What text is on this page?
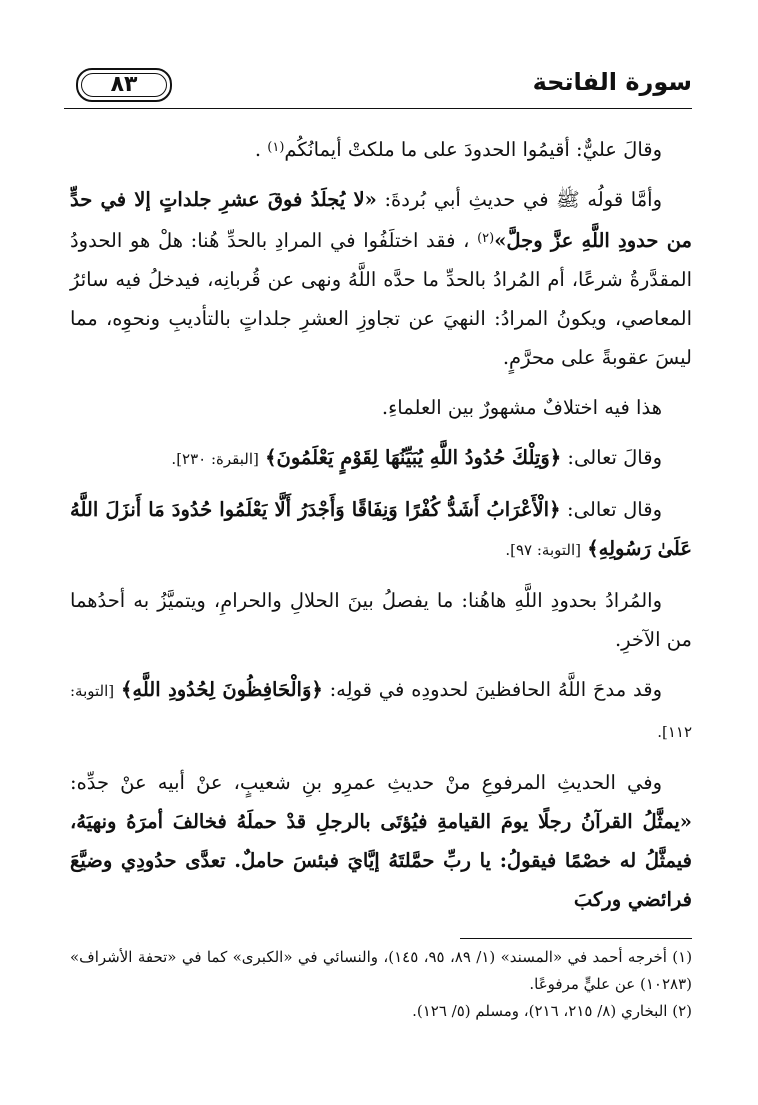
سورة الفاتحة
٨٣

وقالَ عليٌّ: أقيمُوا الحدودَ على ما ملكتْ أيمانُكُم$^{(١)}$ .

وأمَّا قولُه ﷺ في حديثِ أبي بُردةَ: «لا يُجلَدُ فوقَ عشرِ جلداتٍ إلا في حدٍّ من حدودِ اللَّهِ عزَّ وجلَّ»$^{(٢)}$ ، فقد اختلَفُوا في المرادِ بالحدِّ هُنا: هلْ هو الحدودُ المقدَّرةُ شرعًا، أم المُرادُ بالحدِّ ما حدَّه اللَّهُ ونهى عن قُربانِه، فيدخلُ فيه سائرُ المعاصي، ويكونُ المرادُ: النهيَ عن تجاوزِ العشرِ جلداتٍ بالتأديبِ ونحوِه، مما ليسَ عقوبةً على محرَّمٍ.

هذا فيه اختلافٌ مشهورٌ بين العلماءِ.

وقالَ تعالى: ﴿وَتِلْكَ حُدُودُ اللَّهِ يُبَيِّنُهَا لِقَوْمٍ يَعْلَمُونَ﴾ [البقرة: ٢٣٠].

وقال تعالى: ﴿الْأَعْرَابُ أَشَدُّ كُفْرًا وَنِفَاقًا وَأَجْدَرُ أَلَّا يَعْلَمُوا حُدُودَ مَا أَنزَلَ اللَّهُ عَلَىٰ رَسُولِهِ﴾ [التوبة: ٩٧].

والمُرادُ بحدودِ اللَّهِ هاهُنا: ما يفصلُ بينَ الحلالِ والحرامِ، ويتميَّزُ به أحدُهما من الآخرِ.

وقد مدحَ اللَّهُ الحافظينَ لحدودِه في قولِه: ﴿وَالْحَافِظُونَ لِحُدُودِ اللَّهِ﴾ [التوبة: ١١٢].

وفي الحديثِ المرفوعِ منْ حديثِ عمرِو بنِ شعيبٍ، عنْ أبيه عنْ جدِّه: «يمثَّلُ القرآنُ رجلًا يومَ القيامةِ فيُؤتَى بالرجلِ قدْ حملَهُ فخالفَ أمرَهُ ونهيَهُ، فيمثَّلُ له خصْمًا فيقولُ: يا ربِّ حمَّلتَهُ إيَّايَ فبئسَ حاملٌ. تعدَّى حدُودِي وضيَّعَ فرائضي وركبَ

(١) أخرجه أحمد في «المسند» (١/ ٨٩، ٩٥، ١٤٥)، والنسائي في «الكبرى» كما في «تحفة الأشراف» (١٠٢٨٣) عن عليٍّ مرفوعًا.

(٢) البخاري (٨/ ٢١٥، ٢١٦)، ومسلم (٥/ ١٢٦).
